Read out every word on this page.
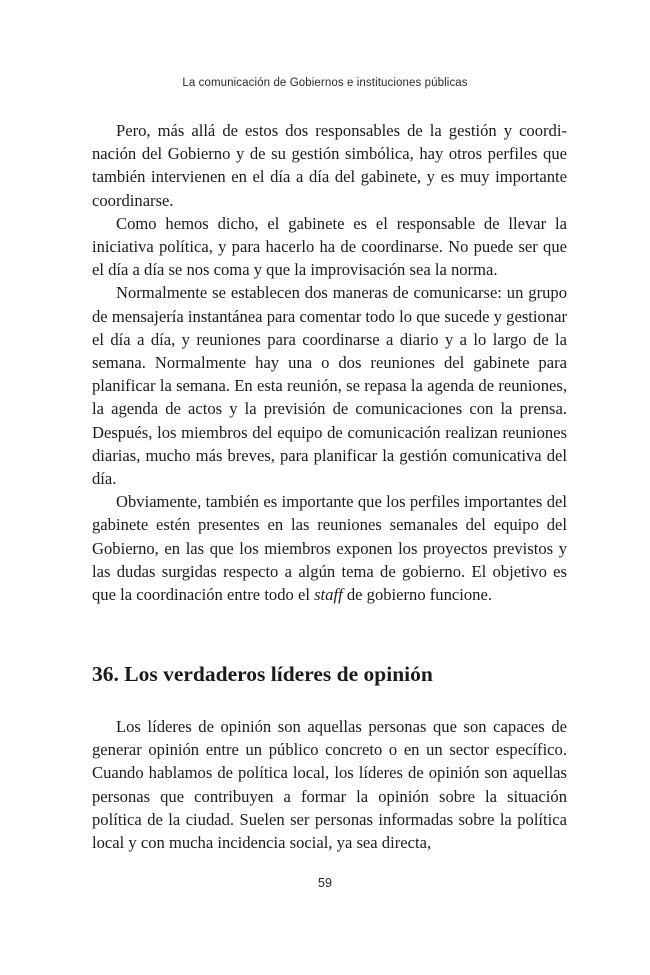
La comunicación de Gobiernos e instituciones públicas

Pero, más allá de estos dos responsables de la gestión y coordinación del Gobierno y de su gestión simbólica, hay otros perfiles que también intervienen en el día a día del gabinete, y es muy importante coordinarse.

Como hemos dicho, el gabinete es el responsable de llevar la iniciativa política, y para hacerlo ha de coordinarse. No puede ser que el día a día se nos coma y que la improvisación sea la norma.

Normalmente se establecen dos maneras de comunicarse: un grupo de mensajería instantánea para comentar todo lo que sucede y gestionar el día a día, y reuniones para coordinarse a diario y a lo largo de la semana. Normalmente hay una o dos reuniones del gabinete para planificar la semana. En esta reunión, se repasa la agenda de reuniones, la agenda de actos y la previsión de comunicaciones con la prensa. Después, los miembros del equipo de comunicación realizan reuniones diarias, mucho más breves, para planificar la gestión comunicativa del día.

Obviamente, también es importante que los perfiles importantes del gabinete estén presentes en las reuniones semanales del equipo del Gobierno, en las que los miembros exponen los proyectos previstos y las dudas surgidas respecto a algún tema de gobierno. El objetivo es que la coordinación entre todo el staff de gobierno funcione.

36. Los verdaderos líderes de opinión

Los líderes de opinión son aquellas personas que son capaces de generar opinión entre un público concreto o en un sector específico. Cuando hablamos de política local, los líderes de opinión son aquellas personas que contribuyen a formar la opinión sobre la situación política de la ciudad. Suelen ser personas informadas sobre la política local y con mucha incidencia social, ya sea directa,

59
